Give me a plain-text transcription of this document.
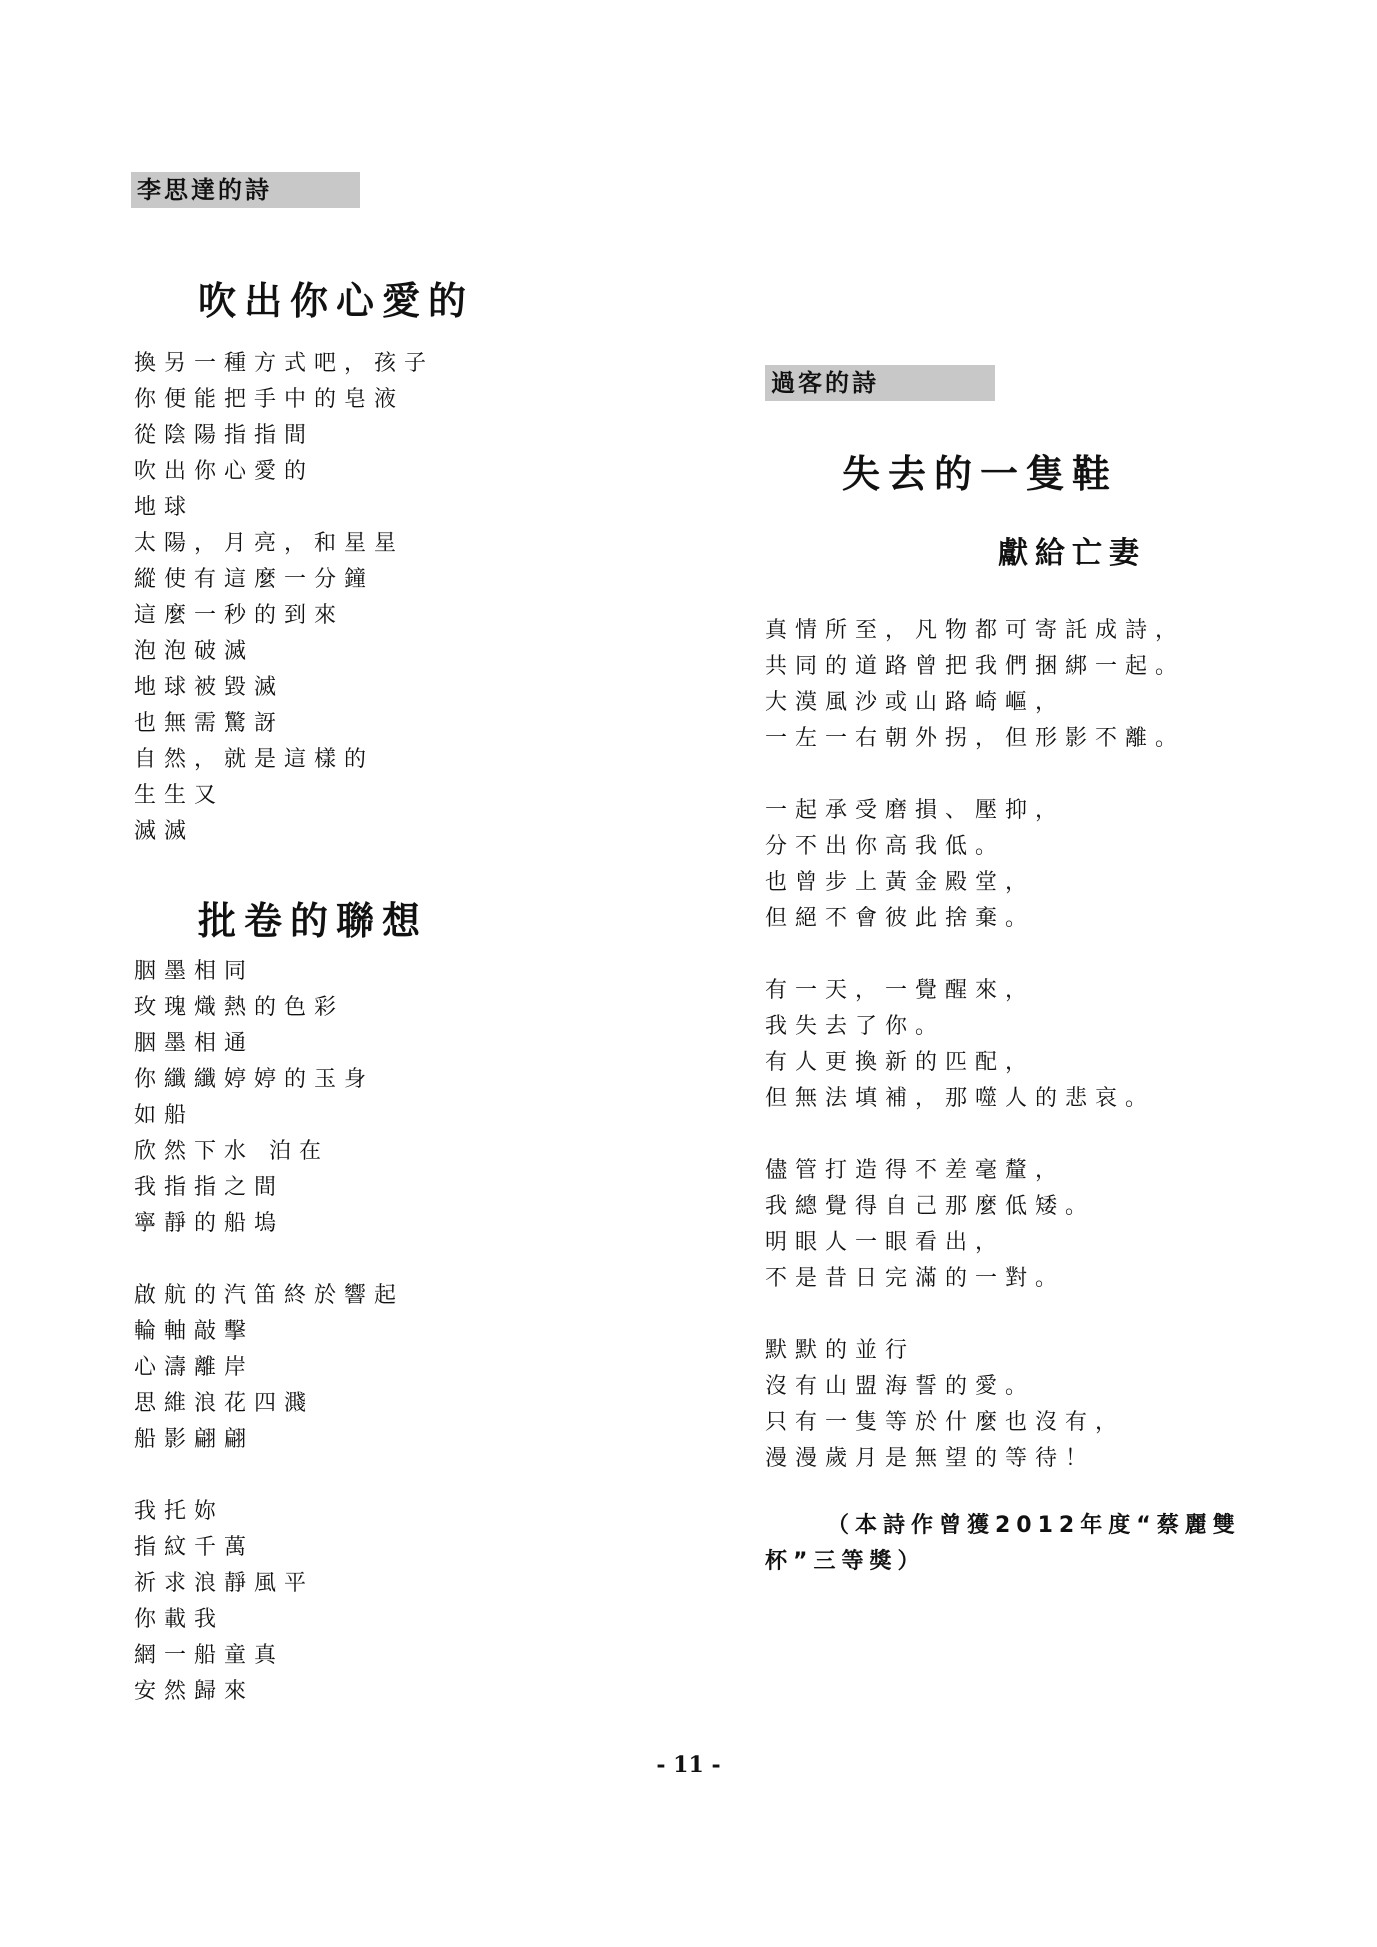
李思達的詩
吹出你心愛的
換另一種方式吧，孩子
你便能把手中的皂液
從陰陽指指間
吹出你心愛的
地球
太陽，月亮，和星星
縱使有這麼一分鐘
這麼一秒的到來
泡泡破滅
地球被毀滅
也無需驚訝
自然，就是這樣的
生生又
滅滅
批卷的聯想
胭墨相同
玫瑰熾熱的色彩
胭墨相通
你纖纖婷婷的玉身
如船
欣然下水 泊在
我指指之間
寧靜的船塢
啟航的汽笛終於響起
輪軸敲擊
心濤離岸
思維浪花四濺
船影翩翩
我托妳
指紋千萬
祈求浪靜風平
你載我
網一船童真
安然歸來
過客的詩
失去的一隻鞋
獻給亡妻
真情所至，凡物都可寄託成詩，
共同的道路曾把我們捆綁一起。
大漠風沙或山路崎嶇，
一左一右朝外拐，但形影不離。
一起承受磨損、壓抑，
分不出你高我低。
也曾步上黃金殿堂，
但絕不會彼此捨棄。
有一天，一覺醒來，
我失去了你。
有人更換新的匹配，
但無法填補，那噬人的悲哀。
儘管打造得不差毫釐，
我總覺得自己那麼低矮。
明眼人一眼看出，
不是昔日完滿的一對。
默默的並行
沒有山盟海誓的愛。
只有一隻等於什麼也沒有，
漫漫歲月是無望的等待！
（本詩作曾獲2012年度“蔡麗雙
杯”三等獎）
- 11 -
